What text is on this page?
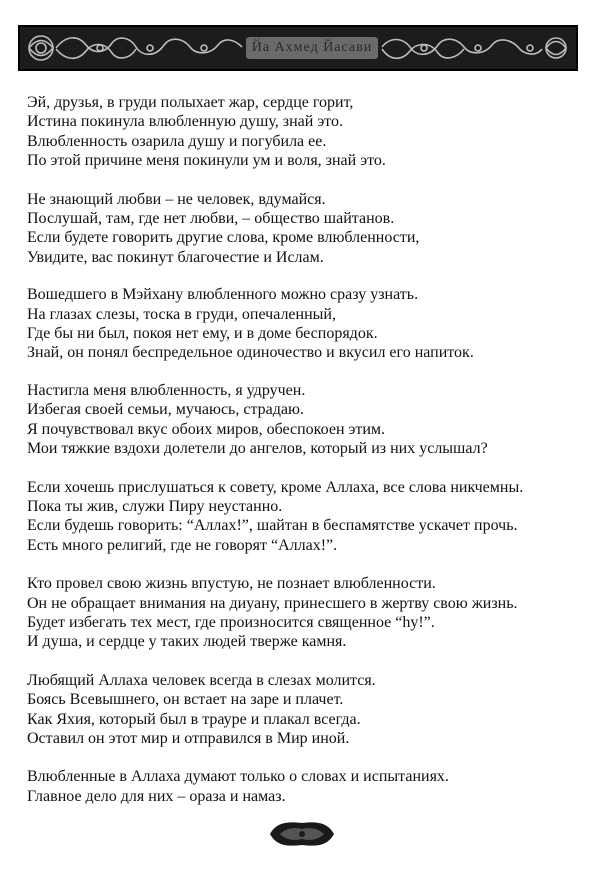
Йа Ахмед Йасави
Эй, друзья, в груди полыхает жар, сердце горит,
Истина покинула влюбленную душу, знай это.
Влюбленность озарила душу и погубила ее.
По этой причине меня покинули ум и воля, знай это.
Не знающий любви – не человек, вдумайся.
Послушай, там, где нет любви, – общество шайтанов.
Если будете говорить другие слова, кроме влюбленности,
Увидите, вас покинут благочестие и Ислам.
Вошедшего в Мэйхану влюбленного можно сразу узнать.
На глазах слезы, тоска в груди, опечаленный,
Где бы ни был, покоя нет ему, и в доме беспорядок.
Знай, он понял беспредельное одиночество и вкусил его напиток.
Настигла меня влюбленность, я удручен.
Избегая своей семьи, мучаюсь, страдаю.
Я почувствовал вкус обоих миров, обеспокоен этим.
Мои тяжкие вздохи долетели до ангелов, который из них услышал?
Если хочешь прислушаться к совету, кроме Аллаха, все слова никчемны.
Пока ты жив, служи Пиру неустанно.
Если будешь говорить: “Аллах!”, шайтан в беспамятстве ускачет прочь.
Есть много религий, где не говорят “Аллах!”.
Кто провел свою жизнь впустую, не познает влюбленности.
Он не обращает внимания на диуану, принесшего в жертву свою жизнь.
Будет избегать тех мест, где произносится священное “hу!”.
И душа, и сердце у таких людей тверже камня.
Любящий Аллаха человек всегда в слезах молится.
Боясь Всевышнего, он встает на заре и плачет.
Как Яхия, который был в трауре и плакал всегда.
Оставил он этот мир и отправился в Мир иной.
Влюбленные в Аллаха думают только о словах и испытаниях.
Главное дело для них – ораза и намаз.
